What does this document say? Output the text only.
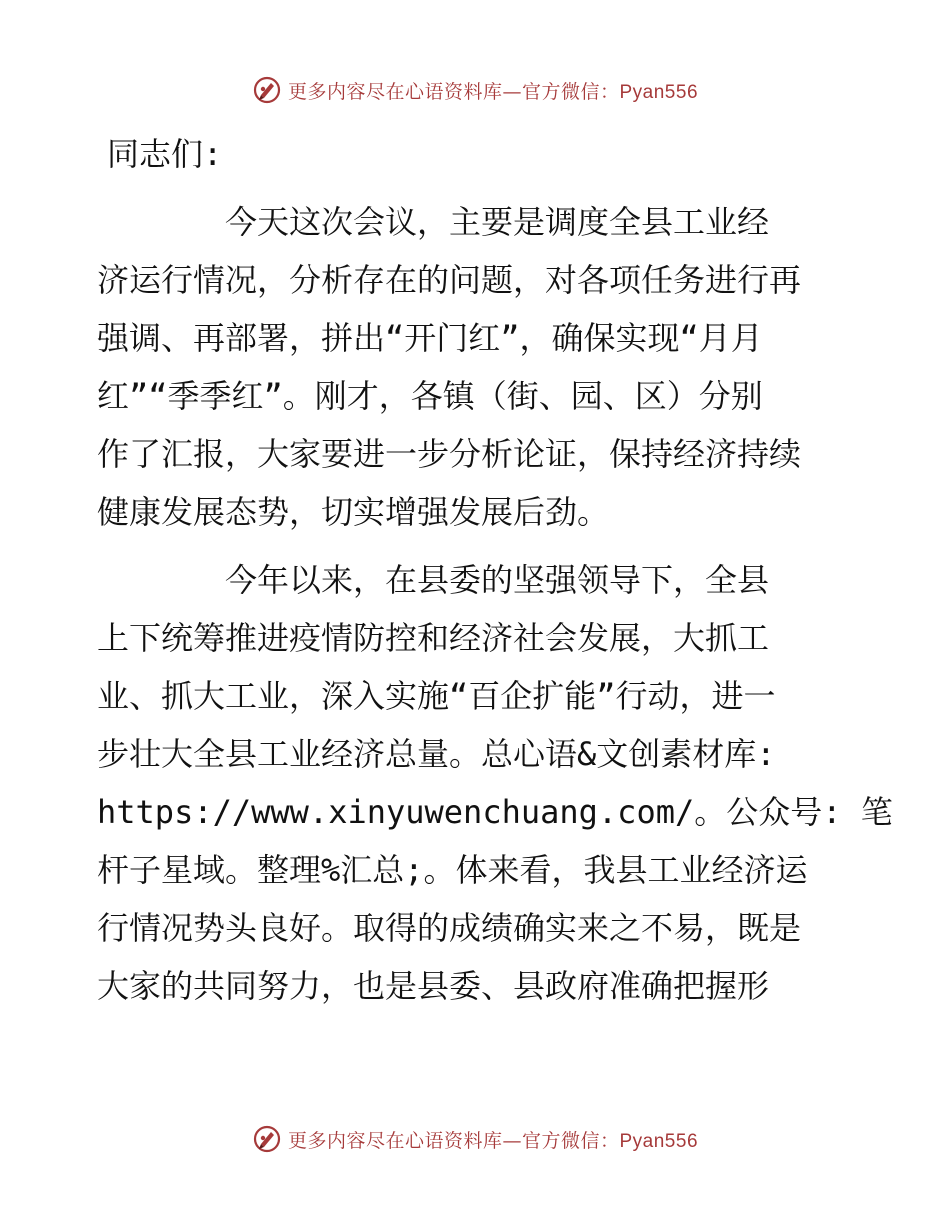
更多内容尽在心语资料库—官方微信：Pyan556
同志们:
　　　　今天这次会议，主要是调度全县工业经
济运行情况，分析存在的问题，对各项任务进行再
强调、再部署，拼出“开门红”，确保实现“月月
红”“季季红”。刚才，各镇（街、园、区）分别
作了汇报，大家要进一步分析论证，保持经济持续
健康发展态势，切实增强发展后劲。
　　　　今年以来，在县委的坚强领导下，全县
上下统筹推进疫情防控和经济社会发展，大抓工
业、抓大工业，深入实施“百企扩能”行动，进一
步壮大全县工业经济总量。总心语&文创素材库:
https://www.xinyuwenchuang.com/。公众号: 笔
杆子星域。整理%汇总;。体来看，我县工业经济运
行情况势头良好。取得的成绩确实来之不易，既是
大家的共同努力，也是县委、县政府准确把握形
更多内容尽在心语资料库—官方微信：Pyan556
